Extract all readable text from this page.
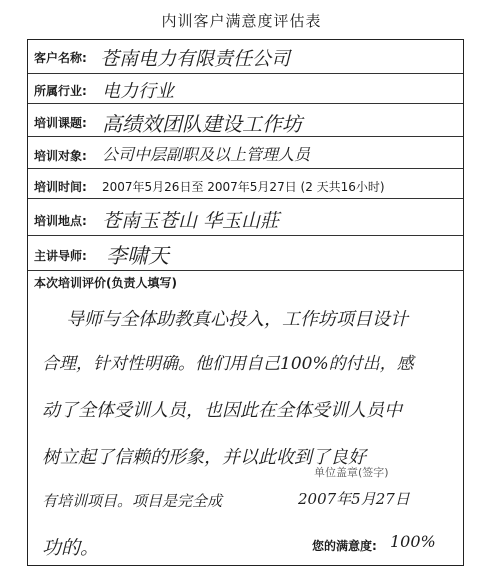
内训客户满意度评估表
客户名称: 苍南电力有限责任公司
所属行业: 电力行业
培训课题: 高绩效团队建设工作坊
培训对象: 公司中层副职及以上管理人员
培训时间: 2007年5月26日至 2007年5月27日 (2 天共16小时)
培训地点: 苍南玉苍山 华玉山莊
主讲导师: 李啸天
本次培训评价(负责人填写)
导师与全体助教真心投入，工作坊项目设计
合理，针对性明确。他们用自己100%的付出，感
动了全体受训人员，也因此在全体受训人员中
树立起了信赖的形象，并以此收到了良好
单位盖章(签字)
有培训项目。项目是完全成	2007年5月27日
功的。	您的满意度: 100%
